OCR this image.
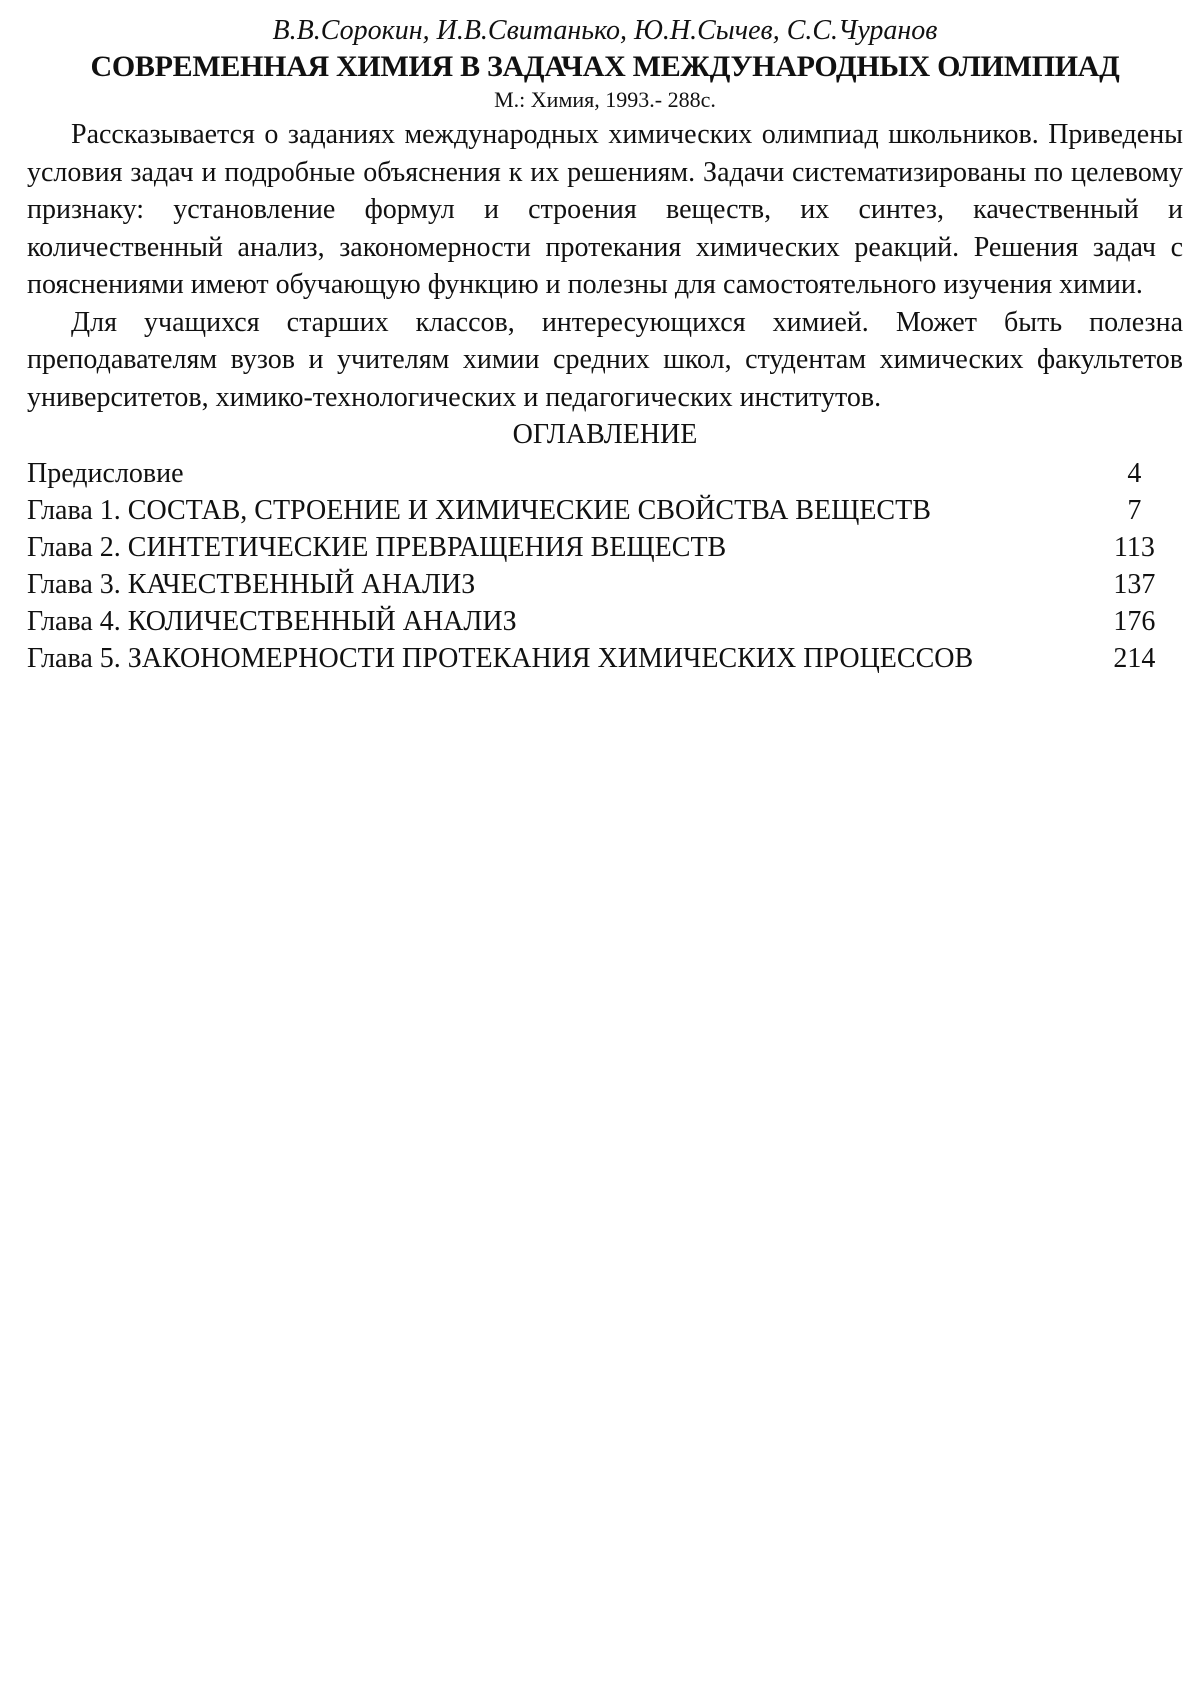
В.В.Сорокин, И.В.Свитанько, Ю.Н.Сычев, С.С.Чуранов
СОВРЕМЕННАЯ ХИМИЯ В ЗАДАЧАХ МЕЖДУНАРОДНЫХ ОЛИМПИАД
М.: Химия, 1993.- 288с.

Рассказывается о заданиях международных химических олимпиад школьников. Приведены условия задач и подробные объяснения к их решениям. Задачи систематизированы по целевому признаку: установление формул и строения веществ, их синтез, качественный и количественный анализ, закономерности протекания химических реакций. Решения задач с пояснениями имеют обучающую функцию и полезны для самостоятельного изучения химии.

Для учащихся старших классов, интересующихся химией. Может быть полезна преподавателям вузов и учителям химии средних школ, студентам химических факультетов университетов, химико-технологических и педагогических институтов.

ОГЛАВЛЕНИЕ
Предисловие	4
Глава 1. СОСТАВ, СТРОЕНИЕ И ХИМИЧЕСКИЕ СВОЙСТВА ВЕЩЕСТВ	7
Глава 2. СИНТЕТИЧЕСКИЕ ПРЕВРАЩЕНИЯ ВЕЩЕСТВ	113
Глава 3. КАЧЕСТВЕННЫЙ АНАЛИЗ	137
Глава 4. КОЛИЧЕСТВЕННЫЙ АНАЛИЗ	176
Глава 5. ЗАКОНОМЕРНОСТИ ПРОТЕКАНИЯ ХИМИЧЕСКИХ ПРОЦЕССОВ	214
